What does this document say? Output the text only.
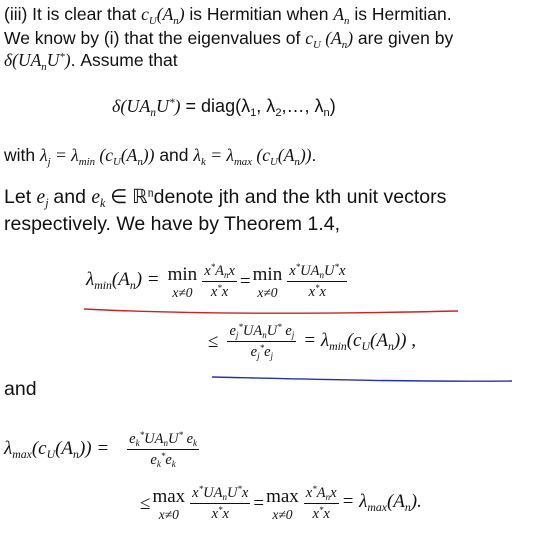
(iii) It is clear that $c_U(A_n)$ is Hermitian when $A_n$ is Hermitian.
We know by (i) that the eigenvalues of $c_U$ $(A_n)$ are given by
$\delta(UA_nU^*)$. Assume that
$\delta(UA_nU^*)$ = $diag(\lambda_1$, $\lambda_2,\dots$, $\lambda_n$)
with $\lambda_j = \lambda_{min}$ $(c_U(A_n))$ and $\lambda_k = \lambda_{max}$ $(c_U(A_n))$.
Let $e_j$ and $e_k$ ∈ ℝ$^n$denote jth and the kth unit vectors
respectively. We have by Theorem 1.4,
$\lambda_{min}(A_n) = \min$
$x\ne 0 \frac{x^*A_nx}{x^*x} = \min$
$x\ne 0 \frac{x^*UA_nU^*x}{x^*x}$
≤ $\frac{e_j^*UA_nU^* e_j}{e_j^*e_j} = \lambda_{min}(c_U(A_n))$ ,
and
$\lambda_{max}(c_U(A_n)) = \frac{e_k^*UA_nU^* e_k}{e_k^*e_k}$
≤ max
$x\ne 0 \frac{x^*UA_nU^*x}{x^*x} = \max$
$x\ne 0 \frac{x^*A_nx}{x^*x} = \lambda_{max}(A_n)$.
